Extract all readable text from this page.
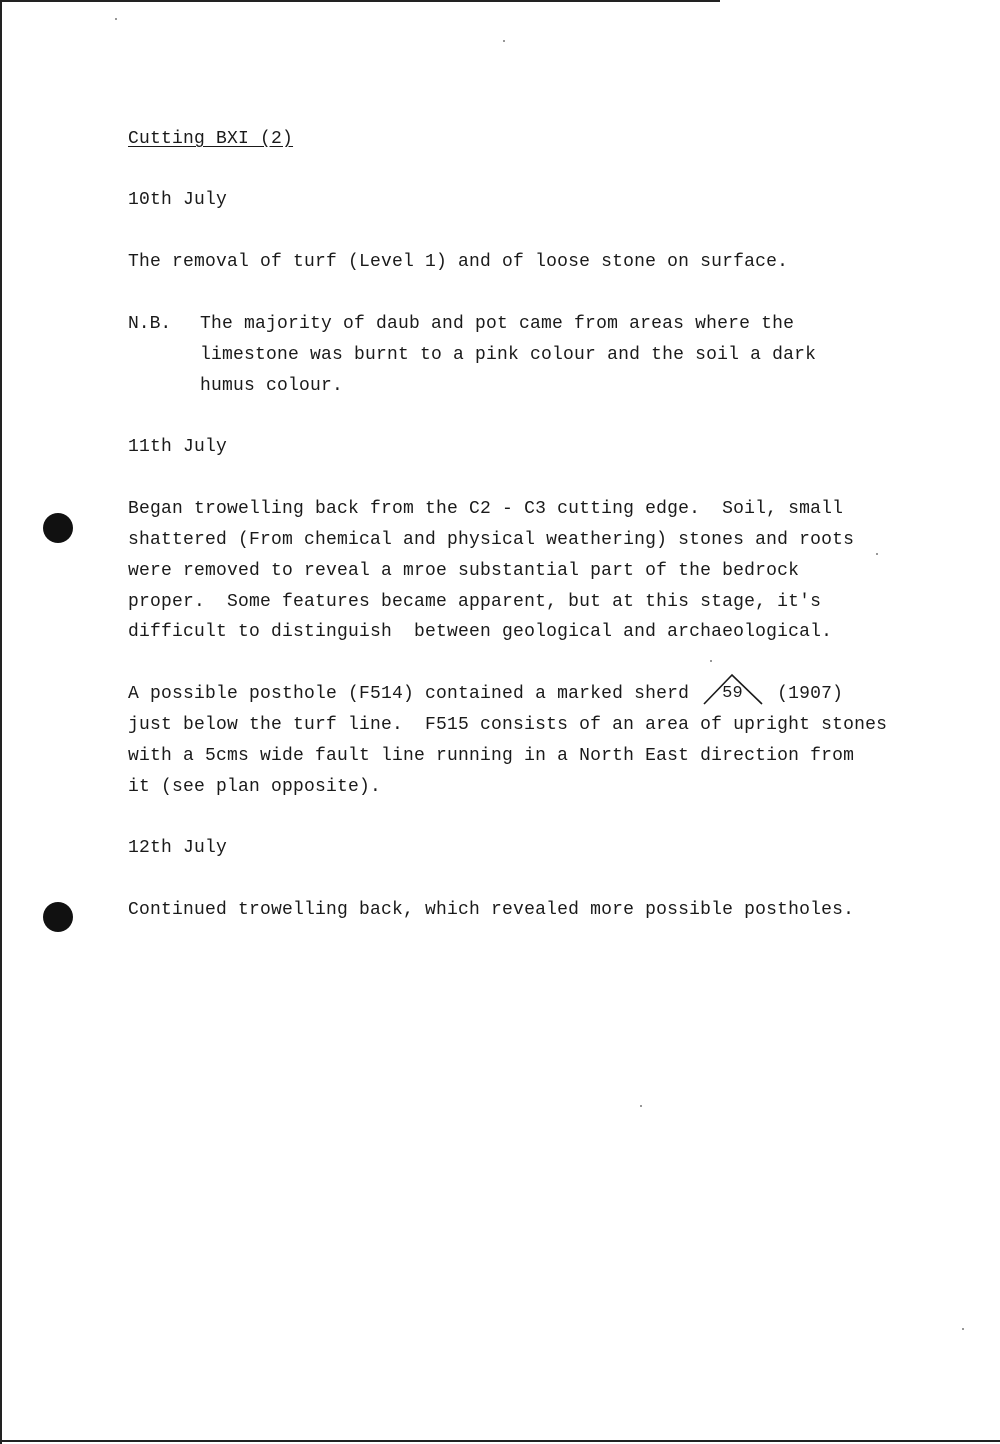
Cutting BXI (2)
10th July
The removal of turf (Level 1) and of loose stone on surface.
N.B. The majority of daub and pot came from areas where the
limestone was burnt to a pink colour and the soil a dark
humus colour.
11th July
Began trowelling back from the C2 - C3 cutting edge.  Soil, small
shattered (From chemical and physical weathering) stones and roots
were removed to reveal a mroe substantial part of the bedrock
proper.  Some features became apparent, but at this stage, it's
difficult to distinguish  between geological and archaeological.
A possible posthole (F514) contained a marked sherd 59 (1907)
just below the turf line.  F515 consists of an area of upright stones
with a 5cms wide fault line running in a North East direction from
it (see plan opposite).
12th July
Continued trowelling back, which revealed more possible postholes.
